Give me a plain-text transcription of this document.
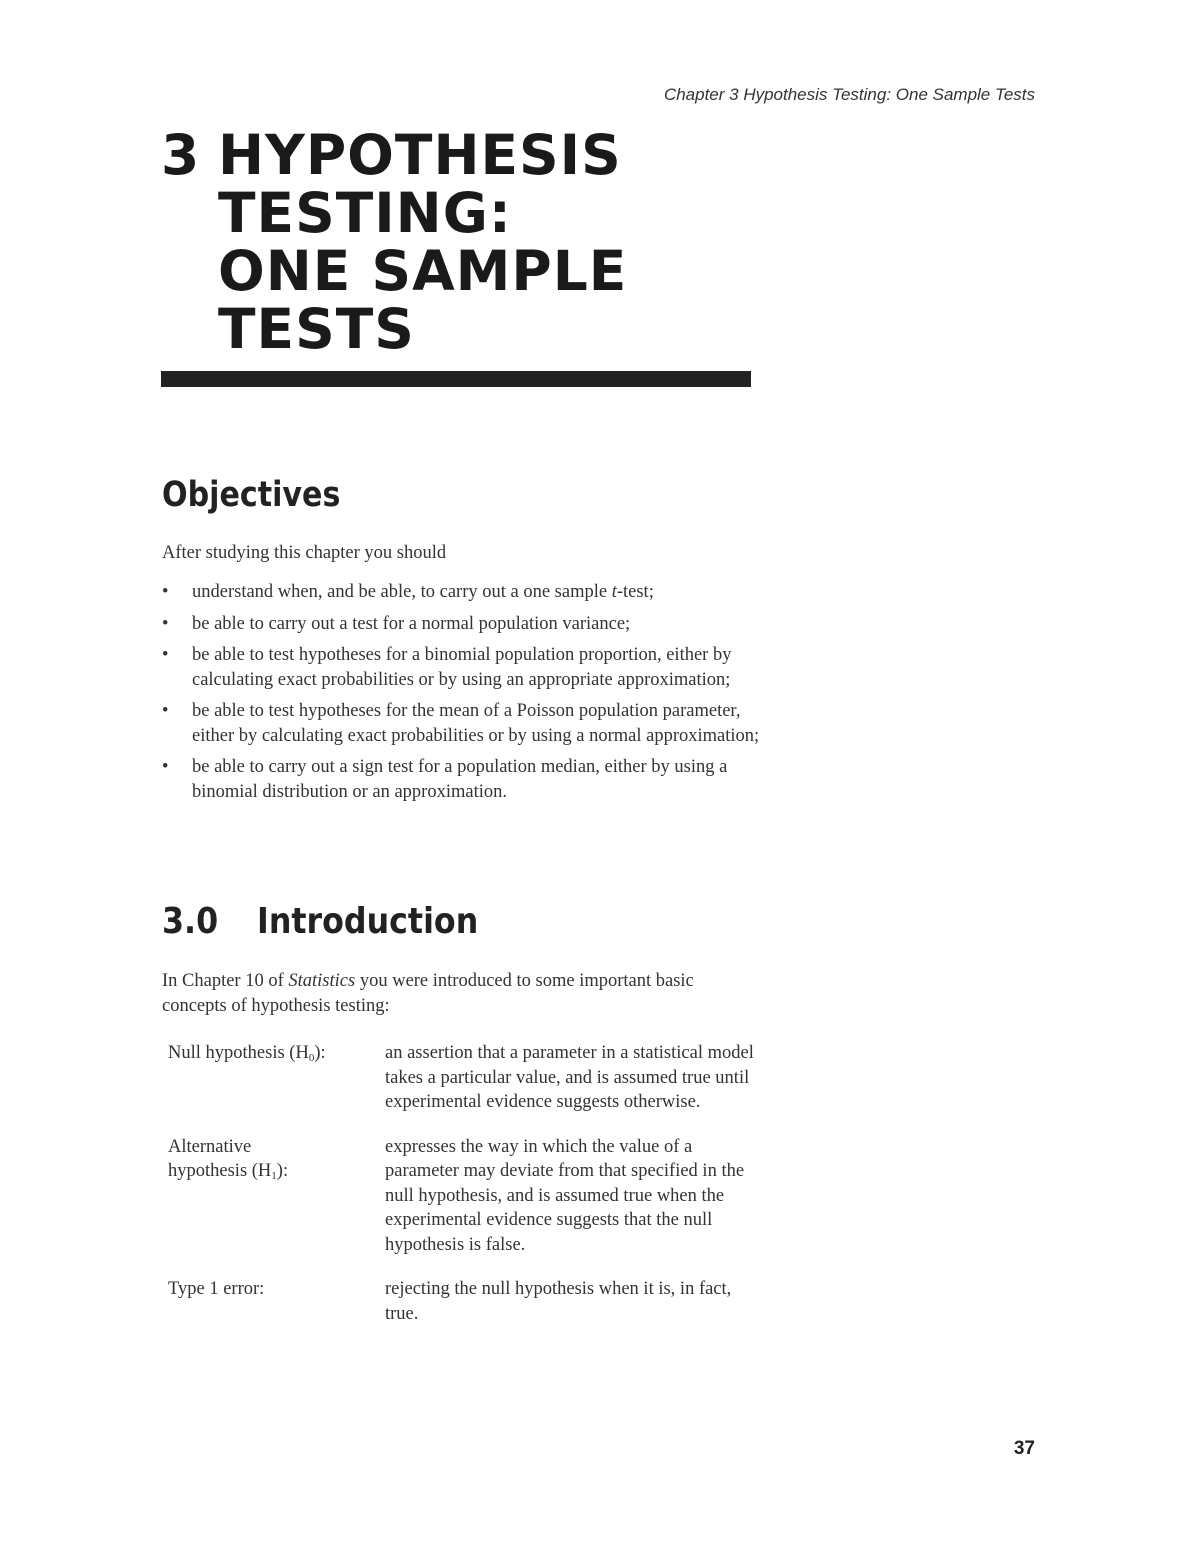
Chapter 3 Hypothesis Testing: One Sample Tests
3 HYPOTHESIS
TESTING:
ONE SAMPLE
TESTS
Objectives
After studying this chapter you should
• understand when, and be able, to carry out a one sample t-test;
• be able to carry out a test for a normal population variance;
• be able to test hypotheses for a binomial population proportion, either by calculating exact probabilities or by using an appropriate approximation;
• be able to test hypotheses for the mean of a Poisson population parameter, either by calculating exact probabilities or by using a normal approximation;
• be able to carry out a sign test for a population median, either by using a binomial distribution or an approximation.
3.0 Introduction
In Chapter 10 of Statistics you were introduced to some important basic concepts of hypothesis testing:
Null hypothesis $(H_0)$:	an assertion that a parameter in a statistical model takes a particular value, and is assumed true until experimental evidence suggests otherwise.
Alternative hypothesis $(H_1)$:
expresses the way in which the value of a parameter may deviate from that specified in the null hypothesis, and is assumed true when the experimental evidence suggests that the null hypothesis is false.
Type 1 error:	rejecting the null hypothesis when it is, in fact, true.
37
